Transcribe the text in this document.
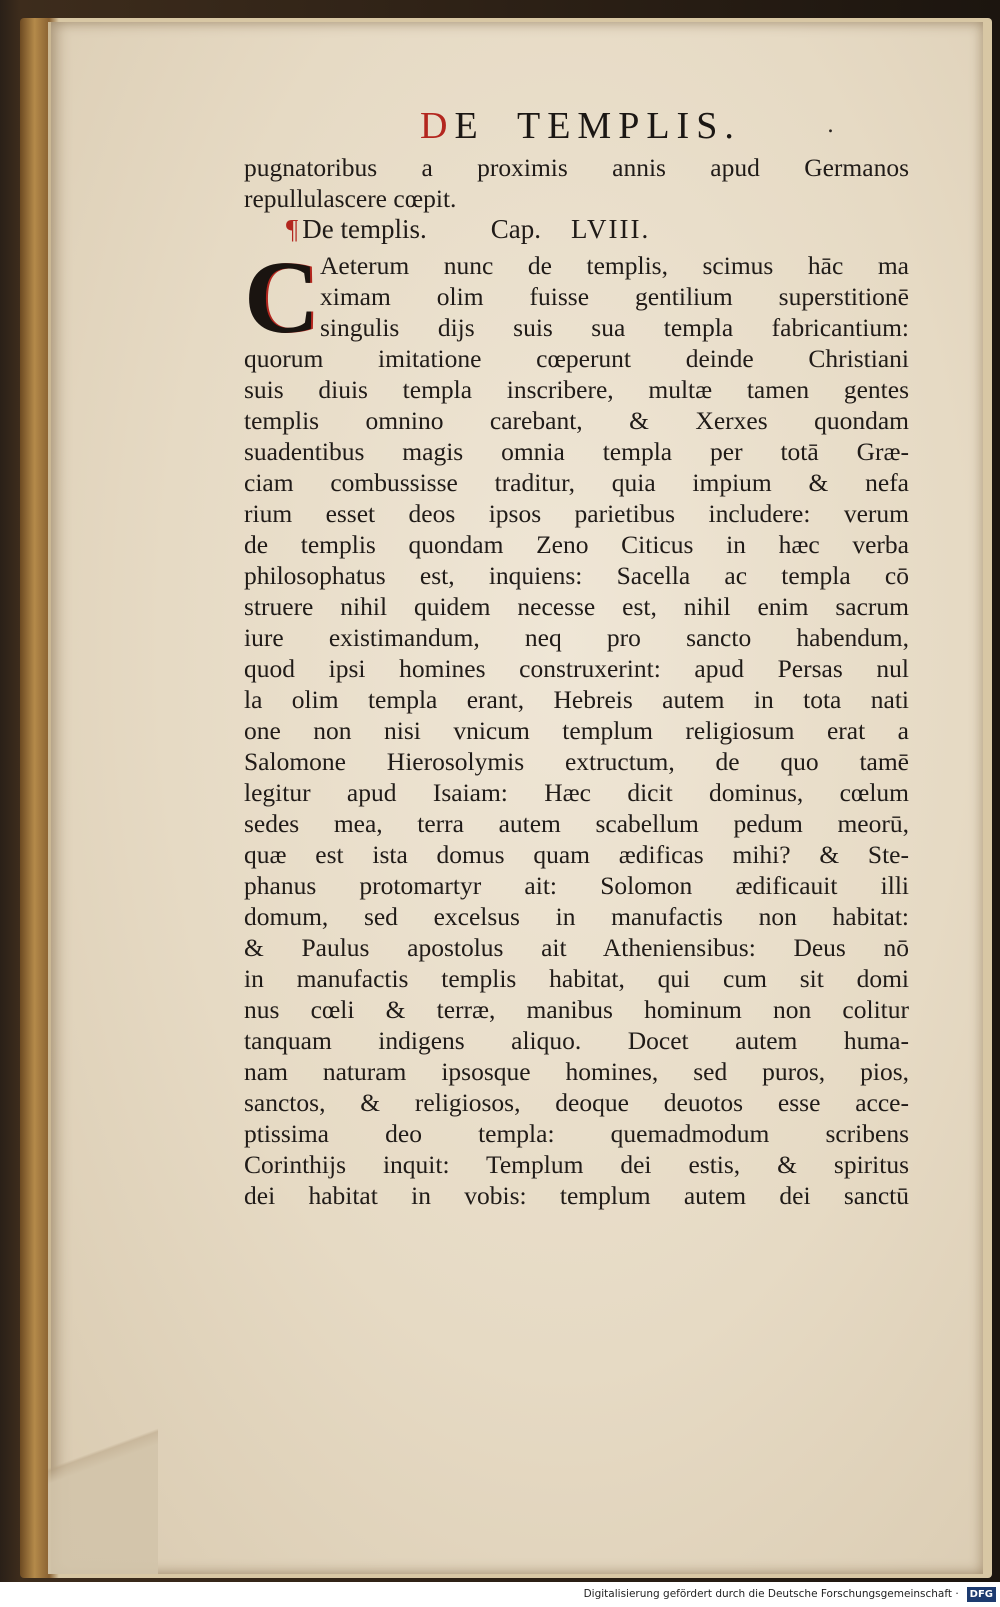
DE  TEMPLIS.	.
pugnatoribus a proximis annis apud Germanos
repullulascere cœpit.
¶ De templis. Cap. LVIII.
C Aeterum nunc de templis, scimus hāc ma
ximam olim fuisse gentilium superstitionē
singulis dijs suis sua templa fabricantium:
quorum imitatione cœperunt deinde Christiani
suis diuis templa inscribere, multæ tamen gentes
templis omnino carebant, & Xerxes quondam
suadentibus magis omnia templa per totā Græ-
ciam combussisse traditur, quia impium & nefa
rium esset deos ipsos parietibus includere: verum
de templis quondam Zeno Citicus in hæc verba
philosophatus est, inquiens: Sacella ac templa cō
struere nihil quidem necesse est, nihil enim sacrum
iure existimandum, neq pro sancto habendum,
quod ipsi homines construxerint: apud Persas nul
la olim templa erant, Hebreis autem in tota nati
one non nisi vnicum templum religiosum erat a
Salomone Hierosolymis extructum, de quo tamē
legitur apud Isaiam: Hæc dicit dominus, cœlum
sedes mea, terra autem scabellum pedum meorū,
quæ est ista domus quam ædificas mihi? & Ste-
phanus protomartyr ait: Solomon ædificauit illi
domum, sed excelsus in manufactis non habitat:
& Paulus apostolus ait Atheniensibus: Deus nō
in manufactis templis habitat, qui cum sit domi
nus cœli & terræ, manibus hominum non colitur
tanquam indigens aliquo. Docet autem huma-
nam naturam ipsosque homines, sed puros, pios,
sanctos, & religiosos, deoque deuotos esse acce-
ptissima deo templa: quemadmodum scribens
Corinthijs inquit: Templum dei estis, & spiritus
dei habitat in vobis: templum autem dei sanctū
Digitalisierung gefördert durch die Deutsche Forschungsgemeinschaft · DFG
